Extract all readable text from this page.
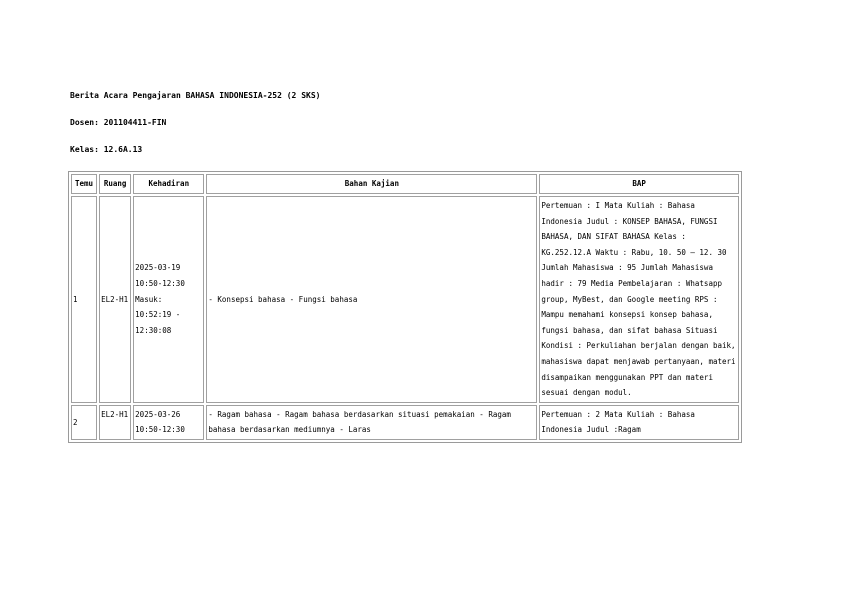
Berita Acara Pengajaran BAHASA INDONESIA-252 (2 SKS)

Dosen: 201104411-FIN

Kelas: 12.6A.13

Temu	Ruang	Kehadiran	Bahan Kajian	BAP
1	EL2-H1	2025-03-19 10:50-12:30 Masuk: 10:52:19 - 12:30:08	- Konsepsi bahasa - Fungsi bahasa	Pertemuan : I Mata Kuliah : Bahasa Indonesia Judul : KONSEP BAHASA, FUNGSI BAHASA, DAN SIFAT BAHASA Kelas : KG.252.12.A Waktu : Rabu, 10. 50 – 12. 30 Jumlah Mahasiswa : 95 Jumlah Mahasiswa hadir : 79 Media Pembelajaran : Whatsapp group, MyBest, dan Google meeting RPS : Mampu memahami konsepsi konsep bahasa, fungsi bahasa, dan sifat bahasa Situasi Kondisi : Perkuliahan berjalan dengan baik, mahasiswa dapat menjawab pertanyaan, materi disampaikan menggunakan PPT dan materi sesuai dengan modul.
2	EL2-H1	2025-03-26 10:50-12:30	- Ragam bahasa - Ragam bahasa berdasarkan situasi pemakaian - Ragam bahasa berdasarkan mediumnya - Laras	Pertemuan : 2 Mata Kuliah : Bahasa Indonesia Judul :Ragam
